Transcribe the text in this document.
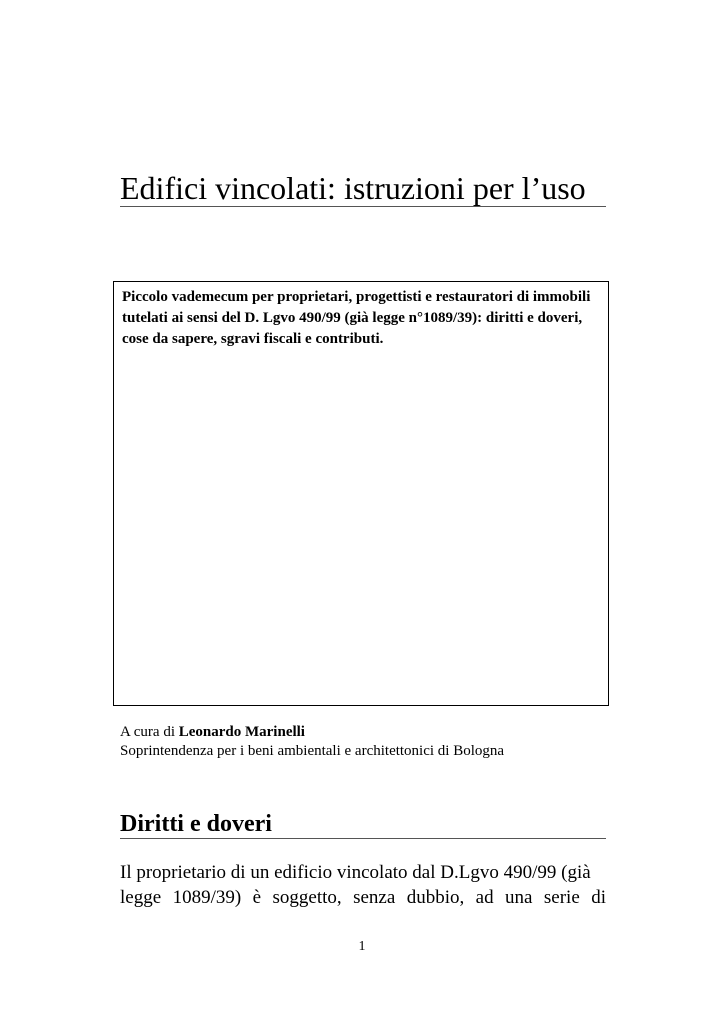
Edifici vincolati: istruzioni per l’uso
Piccolo vademecum per proprietari, progettisti e restauratori di immobili tutelati ai sensi del D. Lgvo 490/99 (già legge n°1089/39): diritti e doveri, cose da sapere, sgravi fiscali e contributi.
A cura di Leonardo Marinelli
Soprintendenza per i beni ambientali e architettonici di Bologna
Diritti e doveri
Il proprietario di un edificio vincolato dal D.Lgvo 490/99 (già
legge 1089/39) è soggetto, senza dubbio, ad una serie di
1
